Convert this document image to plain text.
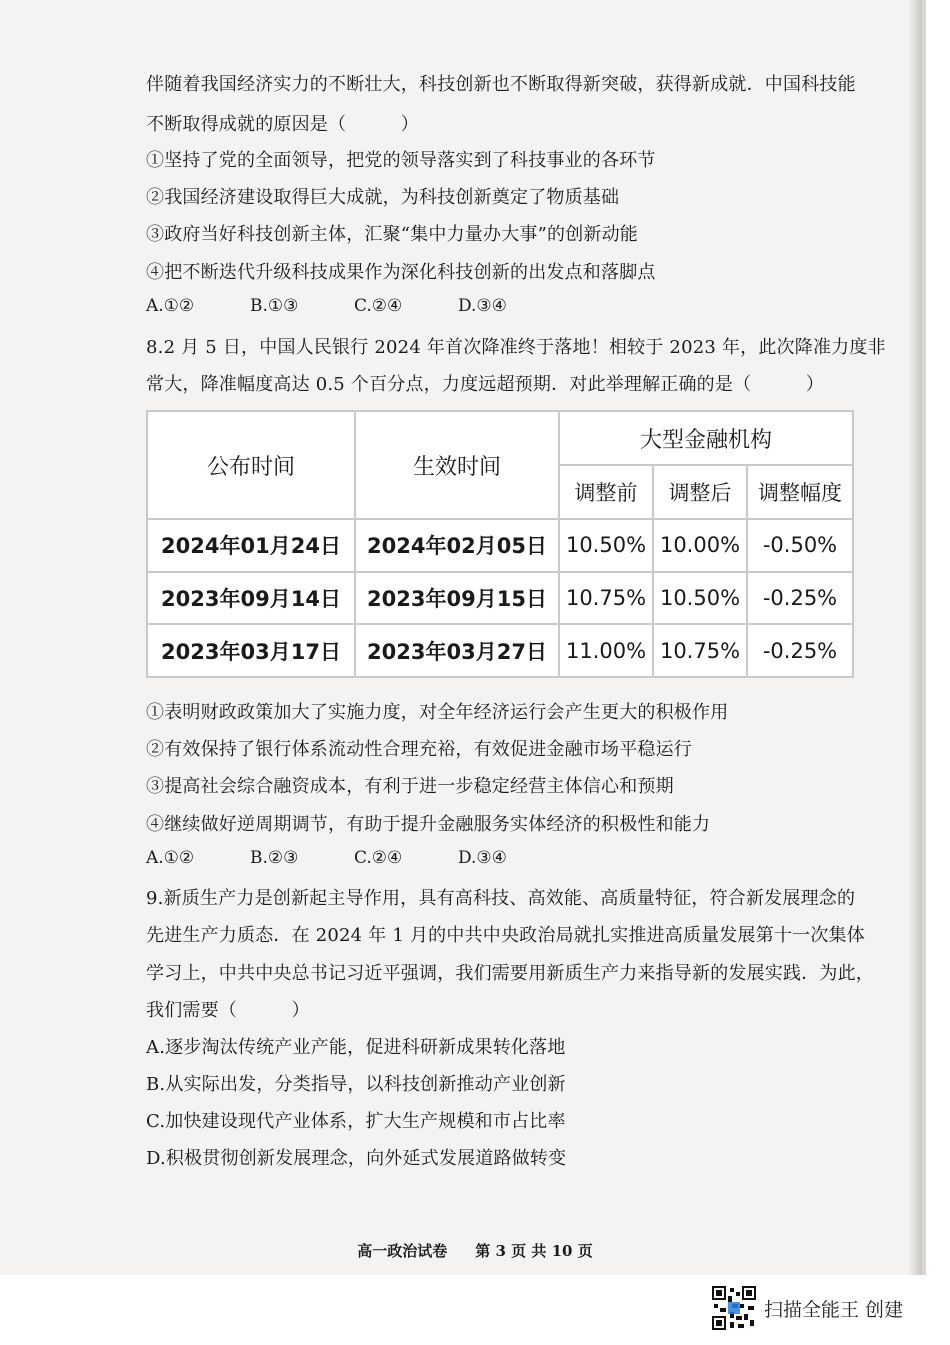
伴随着我国经济实力的不断壮大，科技创新也不断取得新突破，获得新成就．中国科技能
不断取得成就的原因是（　　　）
①坚持了党的全面领导，把党的领导落实到了科技事业的各环节
②我国经济建设取得巨大成就，为科技创新奠定了物质基础
③政府当好科技创新主体，汇聚“集中力量办大事”的创新动能
④把不断迭代升级科技成果作为深化科技创新的出发点和落脚点
A.①②	B.①③	C.②④	D.③④
8.2 月 5 日，中国人民银行 2024 年首次降准终于落地！相较于 2023 年，此次降准力度非
常大，降准幅度高达 0.5 个百分点，力度远超预期．对此举理解正确的是（　　　）
公布时间	生效时间	大型金融机构		
		调整前	调整后	调整幅度
2024年01月24日	2024年02月05日	10.50%	10.00%	-0.50%
2023年09月14日	2023年09月15日	10.75%	10.50%	-0.25%
2023年03月17日	2023年03月27日	11.00%	10.75%	-0.25%
①表明财政政策加大了实施力度，对全年经济运行会产生更大的积极作用
②有效保持了银行体系流动性合理充裕，有效促进金融市场平稳运行
③提高社会综合融资成本，有利于进一步稳定经营主体信心和预期
④继续做好逆周期调节，有助于提升金融服务实体经济的积极性和能力
A.①②	B.②③	C.②④	D.③④
9.新质生产力是创新起主导作用，具有高科技、高效能、高质量特征，符合新发展理念的
先进生产力质态．在 2024 年 1 月的中共中央政治局就扎实推进高质量发展第十一次集体
学习上，中共中央总书记习近平强调，我们需要用新质生产力来指导新的发展实践．为此，
我们需要（　　　）
A.逐步淘汰传统产业产能，促进科研新成果转化落地
B.从实际出发，分类指导，以科技创新推动产业创新
C.加快建设现代产业体系，扩大生产规模和市占比率
D.积极贯彻创新发展理念，向外延式发展道路做转变
高一政治试卷 第 3 页 共 10 页
扫描全能王 创建
